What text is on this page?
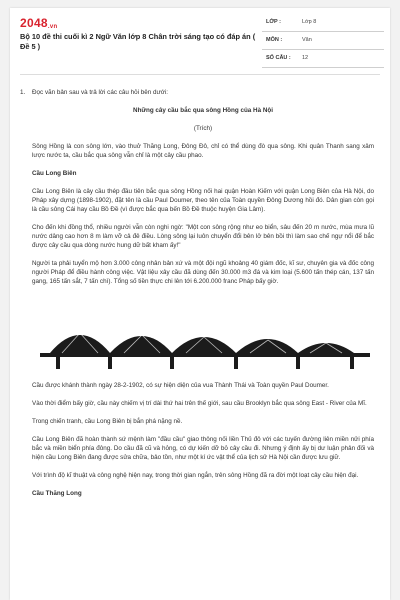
2048.vn
Bộ 10 đề thi cuối kì 2 Ngữ Văn lớp 8 Chân trời sáng tạo có đáp án ( Đề 5 )
LỚP :	Lớp 8
MÔN :	Văn
SỐ CÂU : 12
1. Đọc văn bản sau và trả lời các câu hỏi bên dưới:

Những cây cầu bắc qua sông Hồng của Hà Nội

(Trích)

Sông Hồng là con sông lớn, vào thuở Thăng Long, Đông Đô, chỉ có thể dùng đò qua sông. Khi quân Thanh sang xâm lược nước ta, cầu bắc qua sông vẫn chỉ là một cây cầu phao.

Cầu Long Biên

Cầu Long Biên là cây cầu thép đầu tiên bắc qua sông Hồng nối hai quận Hoàn Kiếm với quận Long Biên của Hà Nội, do Pháp xây dựng (1898-1902), đặt tên là cầu Paul Doumer, theo tên của Toàn quyền Đông Dương hồi đó. Dân gian còn gọi là cầu sông Cái hay cầu Bồ Đề (vì được bắc qua bến Bồ Đề thuộc huyện Gia Lâm).

Cho đến khi đồng thổ, nhiều người vẫn còn nghi ngờ: "Một con sông rộng như eo biển, sâu đến 20 m nước, mùa mưa lũ nước dâng cao hơn 8 m làm vỡ cả đê điều. Lòng sông lại luôn chuyển đổi bên lở bên bồi thì làm sao chế ngự nổi để bắc được cây cầu qua dòng nước hung dữ bất kham ấy!"

Người ta phải tuyển mộ hơn 3.000 công nhân bản xứ và một đội ngũ khoảng 40 giám đốc, kĩ sư, chuyên gia và đốc công người Pháp để điều hành công việc. Vật liệu xây cầu đã dùng đến 30.000 m3 đá và kim loại (5.600 tấn thép cán, 137 tấn gang, 165 tấn sắt, 7 tấn chì). Tổng số tiền thực chi lên tới 6.200.000 franc Pháp bấy giờ.

Cầu được khánh thành ngày 28-2-1902, có sự hiện diện của vua Thành Thái và Toàn quyền Paul Doumer.

Vào thời điểm bấy giờ, cầu này chiếm vị trí dài thứ hai trên thế giới, sau cầu Brooklyn bắc qua sông East - River của Mĩ.

Trong chiến tranh, cầu Long Biên bị bắn phá nặng nề.

Cầu Long Biên đã hoàn thành sứ mệnh làm "đầu cầu" giao thông nối liền Thủ đô với các tuyến đường liên miền nửi phía bắc và miền biển phía đông. Do cầu đã cũ và hỏng, có dự kiến dỡ bỏ cây cầu đi. Nhưng ý định ấy bị dư luận phản đối và hiện cầu Long Biên đang được sửa chữa, bảo tồn, như một kí ức vật thể của lịch sử Hà Nội cần được lưu giữ.

Với trình độ kĩ thuật và công nghệ hiện nay, trong thời gian ngắn, trên sông Hồng đã ra đời một loạt cây cầu hiện đại.

Cầu Thăng Long
